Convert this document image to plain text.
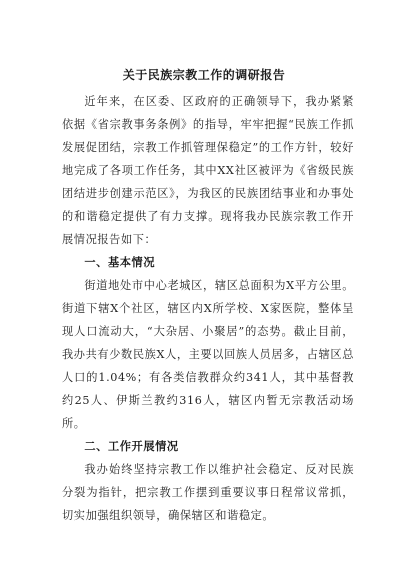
关于民族宗教工作的调研报告

近年来，在区委、区政府的正确领导下，我办紧紧依据《省宗教事务条例》的指导，牢牢把握“民族工作抓发展促团结，宗教工作抓管理保稳定”的工作方针，较好地完成了各项工作任务，其中XX社区被评为《省级民族团结进步创建示范区》，为我区的民族团结事业和办事处的和谐稳定提供了有力支撑。现将我办民族宗教工作开展情况报告如下：

一、基本情况

街道地处市中心老城区，辖区总面积为X平方公里。街道下辖X个社区，辖区内X所学校、X家医院，整体呈现人口流动大，“大杂居、小聚居”的态势。截止目前，我办共有少数民族X人，主要以回族人员居多，占辖区总人口的1.04%；有各类信教群众约341人，其中基督教约25人、伊斯兰教约316人，辖区内暂无宗教活动场所。

二、工作开展情况

我办始终坚持宗教工作以维护社会稳定、反对民族分裂为指针，把宗教工作摆到重要议事日程常议常抓，切实加强组织领导，确保辖区和谐稳定。
